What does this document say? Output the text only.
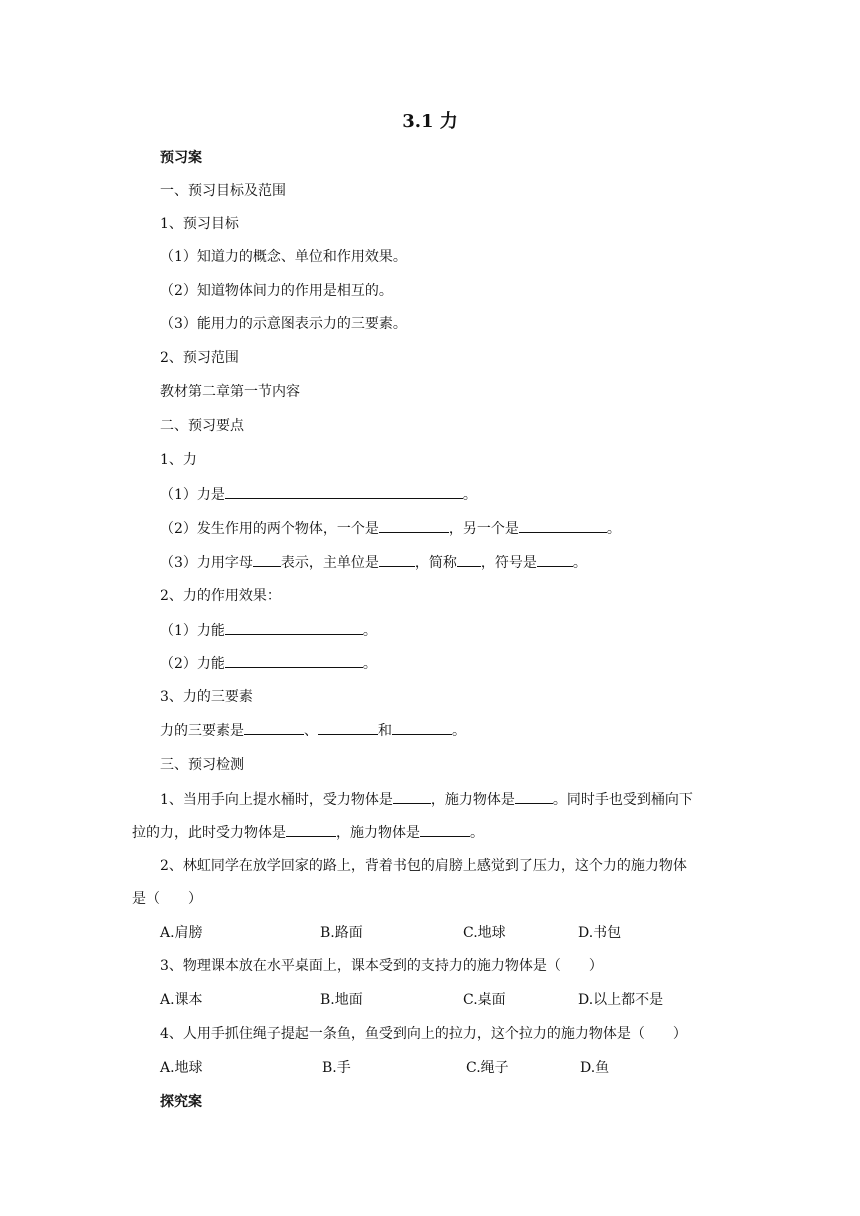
3.1 力
预习案
一、预习目标及范围
1、预习目标
（1）知道力的概念、单位和作用效果。
（2）知道物体间力的作用是相互的。
（3）能用力的示意图表示力的三要素。
2、预习范围
教材第二章第一节内容
二、预习要点
1、力
（1）力是	。
（2）发生作用的两个物体，一个是	，另一个是	。
（3）力用字母 表示，主单位是	，简称 ，符号是	。
2、力的作用效果：
（1）力能	。
（2）力能	。
3、力的三要素
力的三要素是	、	和	。
三、预习检测
1、当用手向上提水桶时，受力物体是	，施力物体是	。同时手也受到桶向下
拉的力，此时受力物体是	，施力物体是	。
2、林虹同学在放学回家的路上，背着书包的肩膀上感觉到了压力，这个力的施力物体
是（　　）
A.肩膀	B.路面	C.地球	D.书包
3、物理课本放在水平桌面上，课本受到的支持力的施力物体是（　　）
A.课本	B.地面	C.桌面	D.以上都不是
4、人用手抓住绳子提起一条鱼，鱼受到向上的拉力，这个拉力的施力物体是（　　）
A.地球	B.手	C.绳子	D.鱼
探究案
